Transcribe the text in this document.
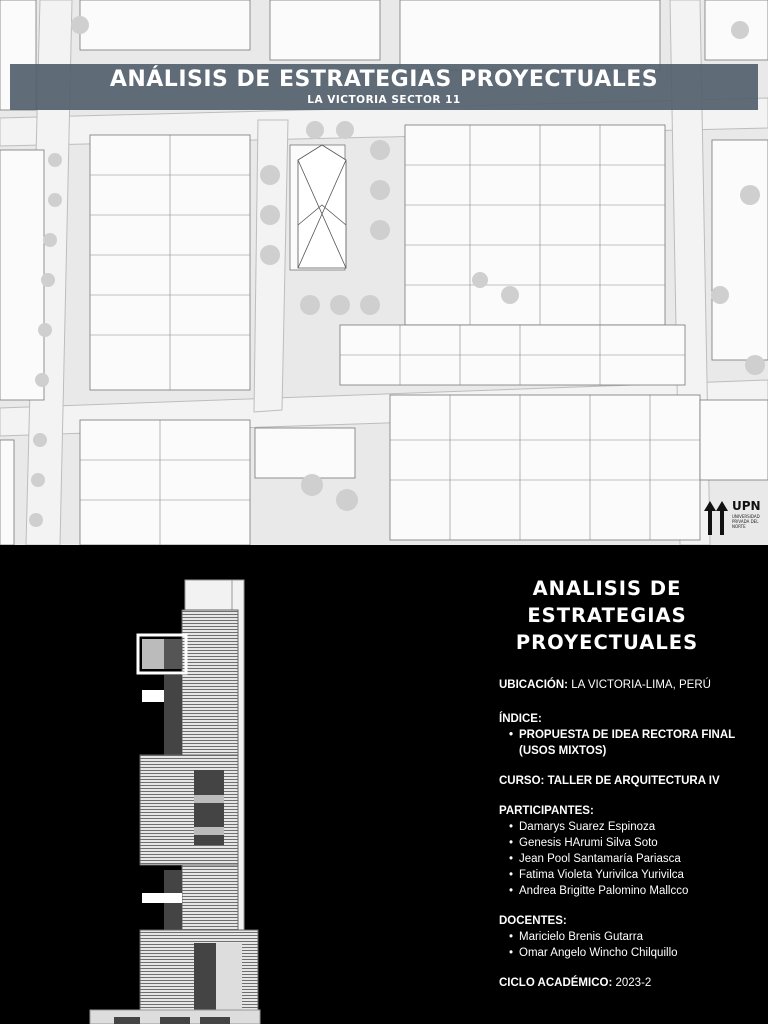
ANÁLISIS DE ESTRATEGIAS PROYECTUALES
LA VICTORIA SECTOR 11
UPN
UNIVERSIDAD PRIVADA DEL NORTE
ANALISIS DE
ESTRATEGIAS
PROYECTUALES
UBICACIÓN: LA VICTORIA-LIMA, PERÚ
ÍNDICE:
• PROPUESTA DE IDEA RECTORA FINAL (USOS MIXTOS)
CURSO: TALLER DE ARQUITECTURA IV
PARTICIPANTES:
• Damarys Suarez Espinoza
• Genesis HArumi Silva Soto
• Jean Pool Santamaría Pariasca
• Fatima Violeta Yurivilca Yurivilca
• Andrea Brigitte Palomino Mallcco
DOCENTES:
• Maricielo Brenis Gutarra
• Omar Angelo Wincho Chilquillo
CICLO ACADÉMICO: 2023-2
